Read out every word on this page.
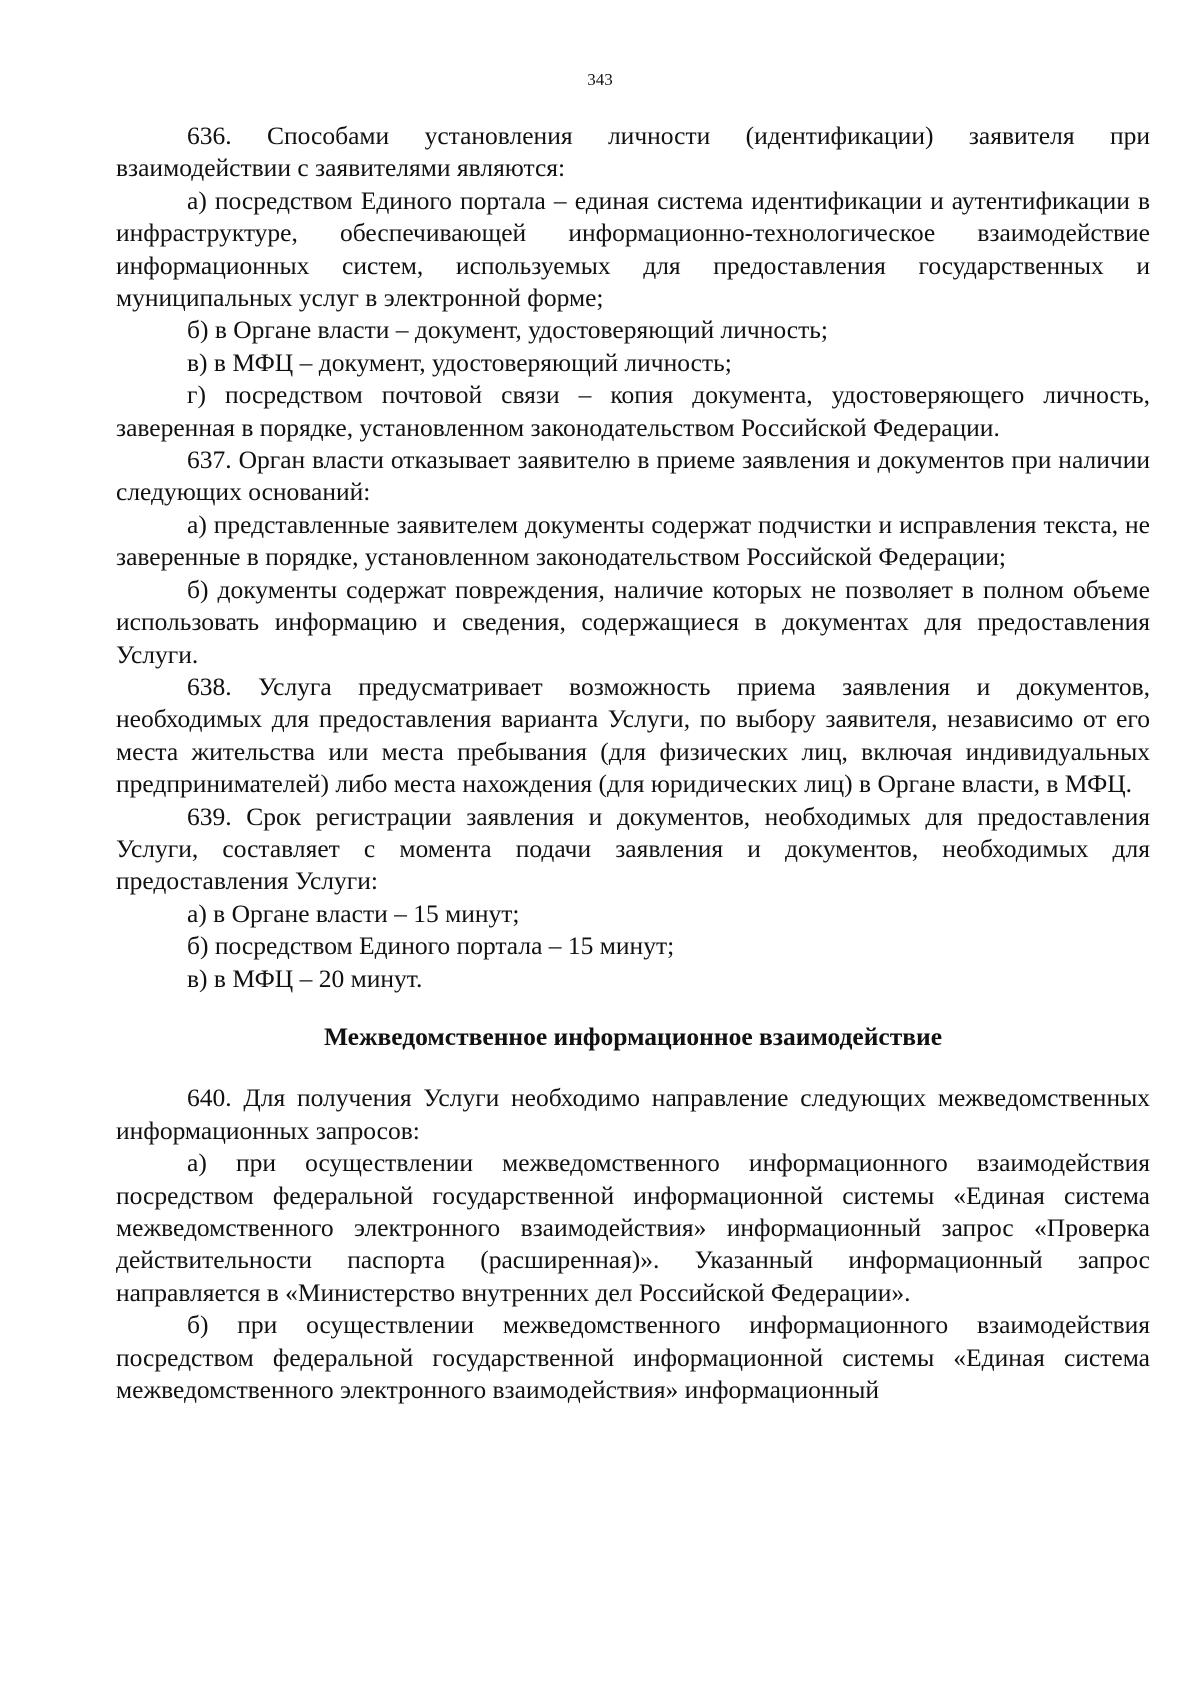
343

636. Способами установления личности (идентификации) заявителя при взаимодействии с заявителями являются:

а) посредством Единого портала – единая система идентификации и аутентификации в инфраструктуре, обеспечивающей информационно-технологическое взаимодействие информационных систем, используемых для предоставления государственных и муниципальных услуг в электронной форме;

б) в Органе власти – документ, удостоверяющий личность;

в) в МФЦ – документ, удостоверяющий личность;

г) посредством почтовой связи – копия документа, удостоверяющего личность, заверенная в порядке, установленном законодательством Российской Федерации.

637. Орган власти отказывает заявителю в приеме заявления и документов при наличии следующих оснований:

а) представленные заявителем документы содержат подчистки и исправления текста, не заверенные в порядке, установленном законодательством Российской Федерации;

б) документы содержат повреждения, наличие которых не позволяет в полном объеме использовать информацию и сведения, содержащиеся в документах для предоставления Услуги.

638. Услуга предусматривает возможность приема заявления и документов, необходимых для предоставления варианта Услуги, по выбору заявителя, независимо от его места жительства или места пребывания (для физических лиц, включая индивидуальных предпринимателей) либо места нахождения (для юридических лиц) в Органе власти, в МФЦ.

639. Срок регистрации заявления и документов, необходимых для предоставления Услуги, составляет с момента подачи заявления и документов, необходимых для предоставления Услуги:

а) в Органе власти – 15 минут;

б) посредством Единого портала – 15 минут;

в) в МФЦ – 20 минут.

Межведомственное информационное взаимодействие

640. Для получения Услуги необходимо направление следующих межведомственных информационных запросов:

а) при осуществлении межведомственного информационного взаимодействия посредством федеральной государственной информационной системы «Единая система межведомственного электронного взаимодействия» информационный запрос «Проверка действительности паспорта (расширенная)». Указанный информационный запрос направляется в «Министерство внутренних дел Российской Федерации».

б) при осуществлении межведомственного информационного взаимодействия посредством федеральной государственной информационной системы «Единая система межведомственного электронного взаимодействия» информационный
